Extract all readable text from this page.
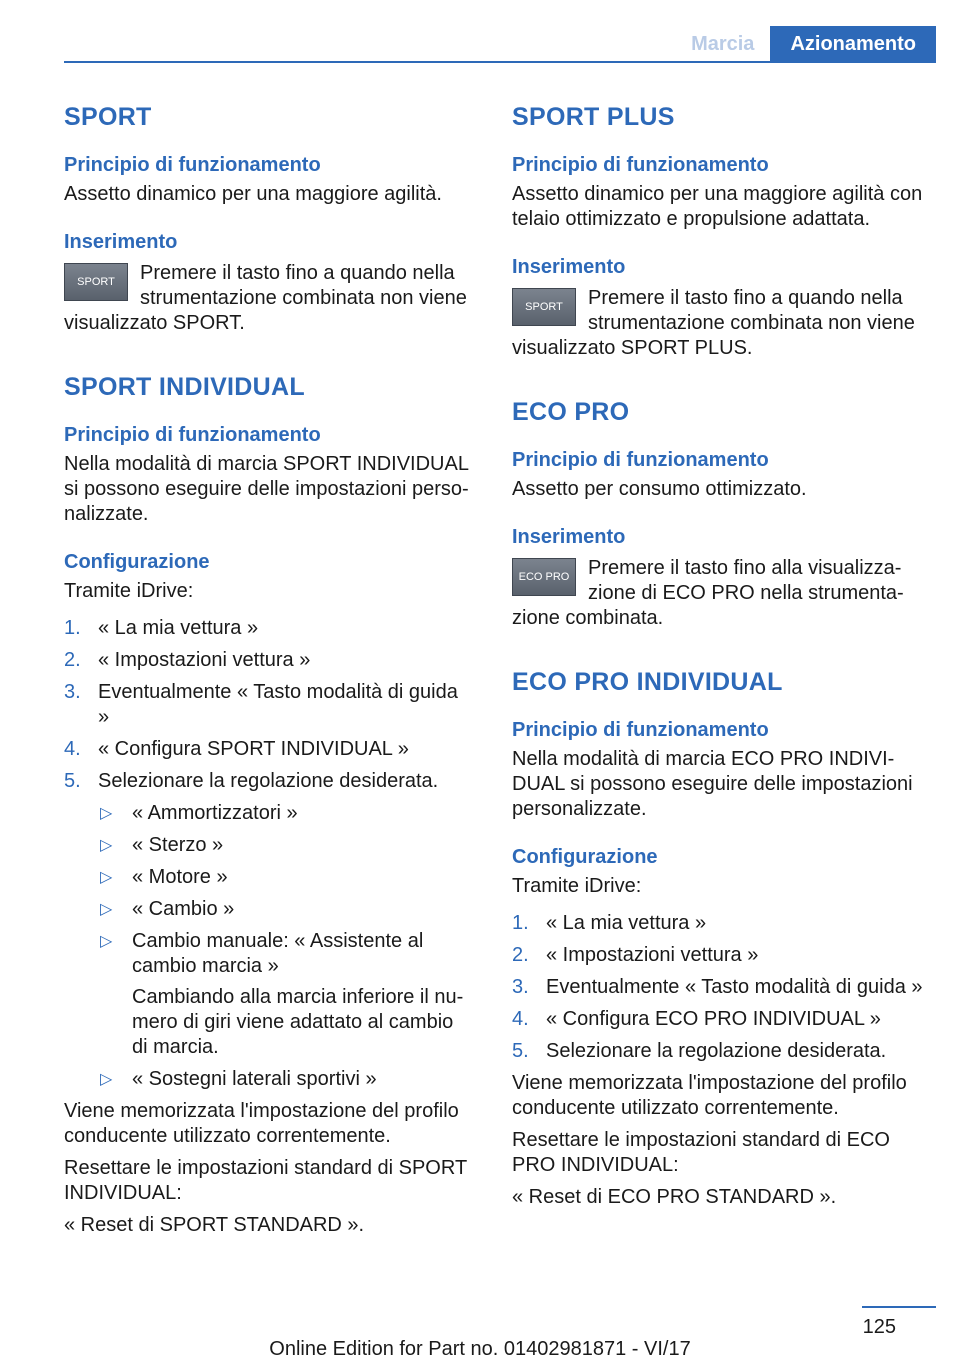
Marcia	Azionamento
SPORT
Principio di funzionamento

Assetto dinamico per una maggiore agilità.

Inserimento
SPORT	Premere il tasto fino a quando nella strumentazione combinata non viene visualizzato SPORT.

SPORT INDIVIDUAL
Principio di funzionamento

Nella modalità di marcia SPORT INDIVIDUAL si possono eseguire delle impostazioni perso‐nalizzate.

Configurazione

Tramite iDrive:

1. « La mia vettura »
2. « Impostazioni vettura »
3. Eventualmente « Tasto modalità di guida »
4. « Configura SPORT INDIVIDUAL »
5. Selezionare la regolazione desiderata.
▷ « Ammortizzatori »
▷ « Sterzo »
▷ « Motore »
▷ « Cambio »
▷ Cambio manuale: « Assistente al cambio marcia »

Cambiando alla marcia inferiore il nu‐mero di giri viene adattato al cambio di marcia.

▷ « Sostegni laterali sportivi »

Viene memorizzata l'impostazione del profilo conducente utilizzato correntemente.

Resettare le impostazioni standard di SPORT INDIVIDUAL:

« Reset di SPORT STANDARD ».

SPORT PLUS
Principio di funzionamento

Assetto dinamico per una maggiore agilità con telaio ottimizzato e propulsione adattata.

Inserimento
SPORT	Premere il tasto fino a quando nella strumentazione combinata non viene visualizzato SPORT PLUS.

ECO PRO
Principio di funzionamento

Assetto per consumo ottimizzato.

Inserimento
ECO PRO Premere il tasto fino alla visualizza‐zione di ECO PRO nella strumenta‐zione combinata.

ECO PRO INDIVIDUAL
Principio di funzionamento

Nella modalità di marcia ECO PRO INDIVI‐DUAL si possono eseguire delle impostazioni personalizzate.

Configurazione

Tramite iDrive:

1. « La mia vettura »
2. « Impostazioni vettura »
3. Eventualmente « Tasto modalità di guida »
4. « Configura ECO PRO INDIVIDUAL »
5. Selezionare la regolazione desiderata.

Viene memorizzata l'impostazione del profilo conducente utilizzato correntemente.

Resettare le impostazioni standard di ECO PRO INDIVIDUAL:

« Reset di ECO PRO STANDARD ».

125
Online Edition for Part no. 01402981871 - VI/17
